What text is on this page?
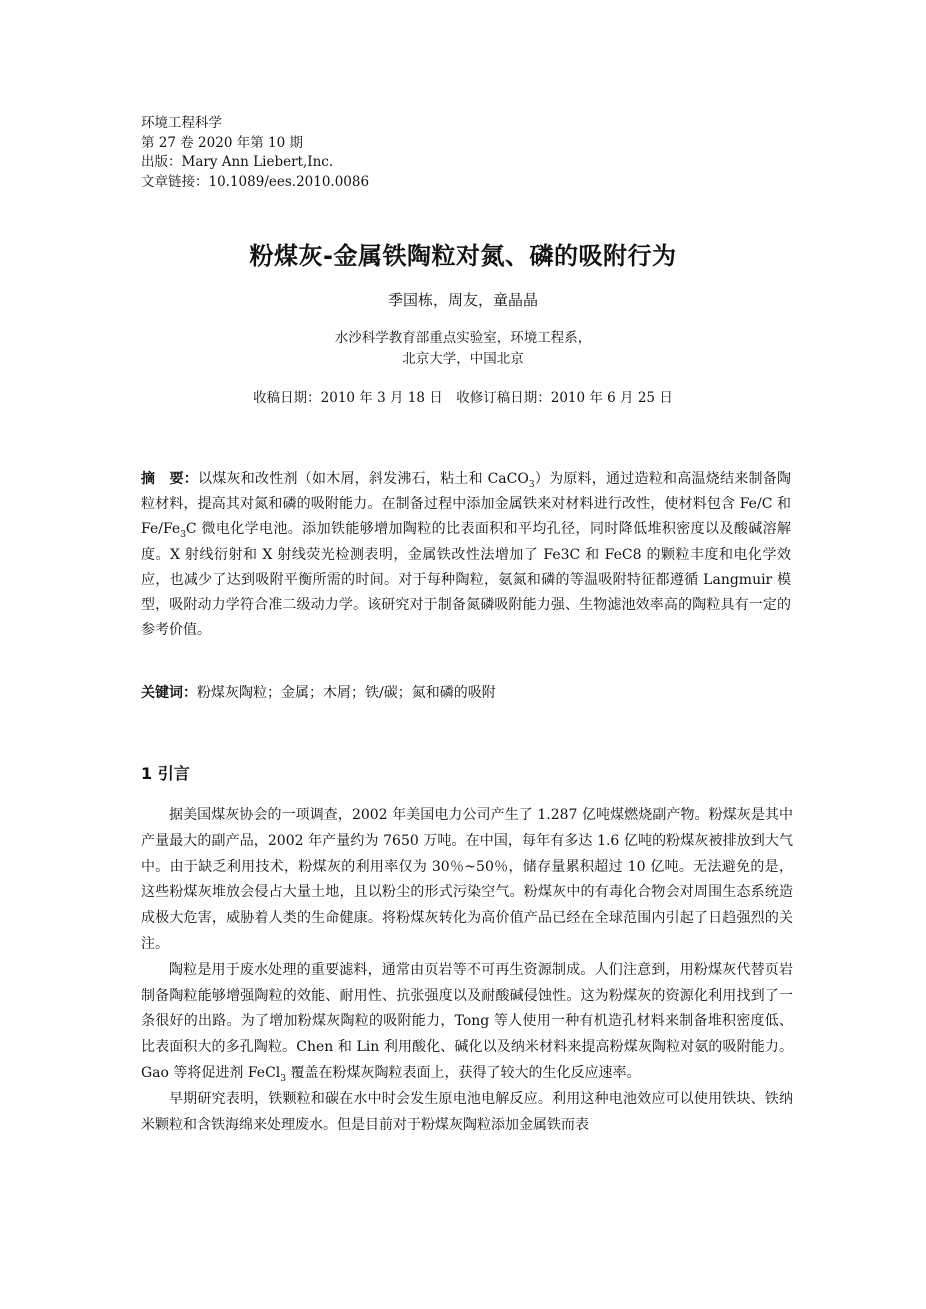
环境工程科学
第 27 卷 2020 年第 10 期
出版：Mary Ann Liebert,Inc.
文章链接：10.1089/ees.2010.0086
粉煤灰-金属铁陶粒对氮、磷的吸附行为
季国栋，周友，童晶晶
水沙科学教育部重点实验室，环境工程系，
北京大学，中国北京
收稿日期：2010 年 3 月 18 日　收修订稿日期：2010 年 6 月 25 日
摘　要：以煤灰和改性剂（如木屑，斜发沸石，粘土和 CaCO$_3$）为原料，通过造粒和高温烧结来制备陶粒材料，提高其对氮和磷的吸附能力。在制备过程中添加金属铁来对材料进行改性，使材料包含 Fe/C 和 $Fe/Fe_3C$ 微电化学电池。添加铁能够增加陶粒的比表面积和平均孔径，同时降低堆积密度以及酸碱溶解度。X 射线衍射和 X 射线荧光检测表明，金属铁改性法增加了 Fe3C 和 FeC8 的颗粒丰度和电化学效应，也减少了达到吸附平衡所需的时间。对于每种陶粒，氨氮和磷的等温吸附特征都遵循 Langmuir 模型，吸附动力学符合准二级动力学。该研究对于制备氮磷吸附能力强、生物滤池效率高的陶粒具有一定的参考价值。
关键词：粉煤灰陶粒；金属；木屑；铁/碳；氮和磷的吸附
1 引言

据美国煤灰协会的一项调查，2002 年美国电力公司产生了 1.287 亿吨煤燃烧副产物。粉煤灰是其中产量最大的副产品，2002 年产量约为 7650 万吨。在中国，每年有多达 1.6 亿吨的粉煤灰被排放到大气中。由于缺乏利用技术，粉煤灰的利用率仅为 30％~50％，储存量累积超过 10 亿吨。无法避免的是，这些粉煤灰堆放会侵占大量土地，且以粉尘的形式污染空气。粉煤灰中的有毒化合物会对周围生态系统造成极大危害，威胁着人类的生命健康。将粉煤灰转化为高价值产品已经在全球范围内引起了日趋强烈的关注。

陶粒是用于废水处理的重要滤料，通常由页岩等不可再生资源制成。人们注意到，用粉煤灰代替页岩制备陶粒能够增强陶粒的效能、耐用性、抗张强度以及耐酸碱侵蚀性。这为粉煤灰的资源化利用找到了一条很好的出路。为了增加粉煤灰陶粒的吸附能力，Tong 等人使用一种有机造孔材料来制备堆积密度低、比表面积大的多孔陶粒。Chen 和 Lin 利用酸化、碱化以及纳米材料来提高粉煤灰陶粒对氨的吸附能力。Gao 等将促进剂 FeCl$_3$ 覆盖在粉煤灰陶粒表面上，获得了较大的生化反应速率。

早期研究表明，铁颗粒和碳在水中时会发生原电池电解反应。利用这种电池效应可以使用铁块、铁纳米颗粒和含铁海绵来处理废水。但是目前对于粉煤灰陶粒添加金属铁而表
